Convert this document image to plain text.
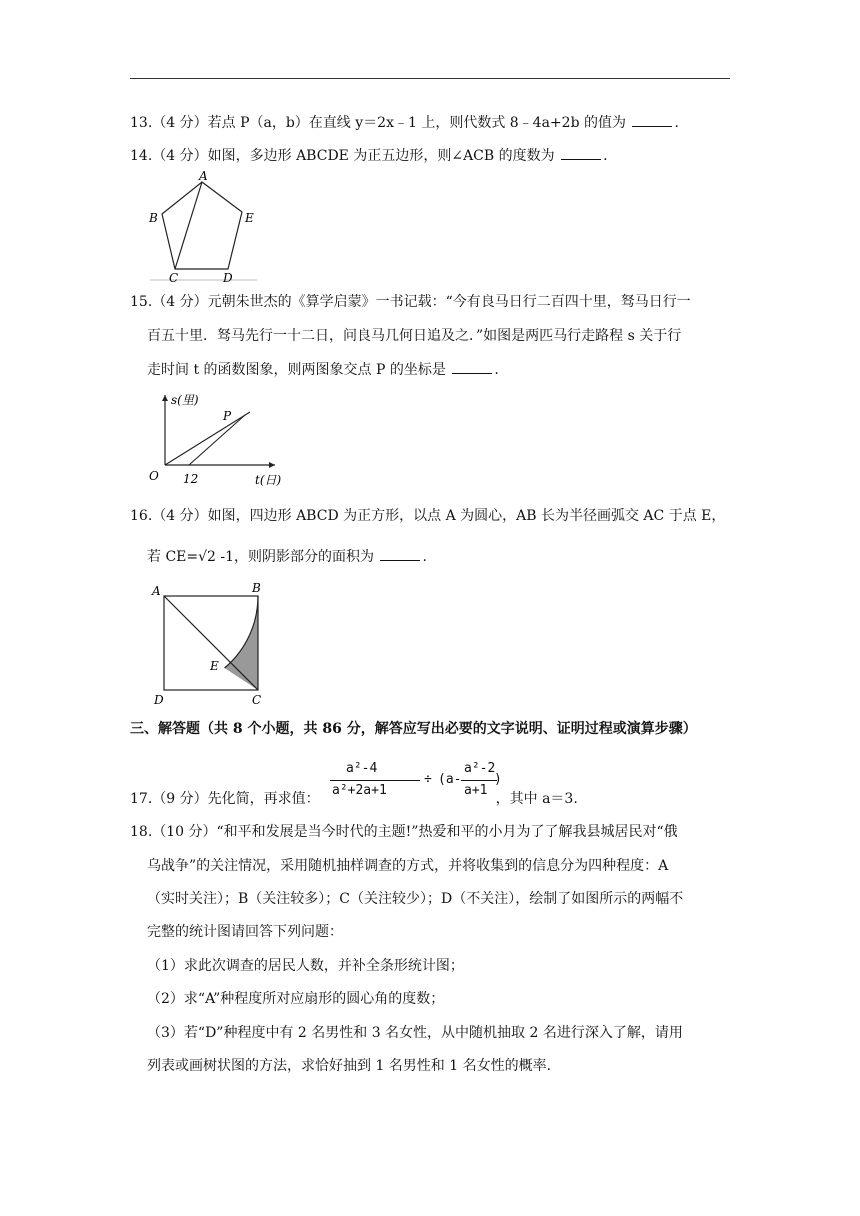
13.（4 分）若点 P（a，b）在直线 y＝2x﹣1 上，则代数式 8﹣4a+2b 的值为	.
14.（4 分）如图，多边形 ABCDE 为正五边形，则∠ACB 的度数为	.
A
B	E
C	D
15.（4 分）元朝朱世杰的《算学启蒙》一书记载：“今有良马日行二百四十里，驽马日行一
百五十里．驽马先行一十二日，问良马几何日追及之．”如图是两匹马行走路程 s 关于行
走时间 t 的函数图象，则两图象交点 P 的坐标是	.
s(里)
P
O 12	t(日)
16.（4 分）如图，四边形 ABCD 为正方形，以点 A 为圆心，AB 长为半径画弧交 AC 于点 E，
若 CE=√2 -1，则阴影部分的面积为	.
A	B
E
D	C
三、解答题（共 8 个小题，共 86 分，解答应写出必要的文字说明、证明过程或演算步骤）
a²-4
a²+2a+1
÷ (a-
a²-2
a+1
)
17.（9 分）先化简，再求值：	，其中 a＝3.
18.（10 分）“和平和发展是当今时代的主题!”热爱和平的小月为了了解我县城居民对“俄
乌战争”的关注情况，采用随机抽样调查的方式，并将收集到的信息分为四种程度：A
（实时关注）；B（关注较多）；C（关注较少）；D（不关注），绘制了如图所示的两幅不
完整的统计图请回答下列问题：
（1）求此次调查的居民人数，并补全条形统计图；
（2）求“A”种程度所对应扇形的圆心角的度数；
（3）若“D”种程度中有 2 名男性和 3 名女性，从中随机抽取 2 名进行深入了解，请用
列表或画树状图的方法，求恰好抽到 1 名男性和 1 名女性的概率.
